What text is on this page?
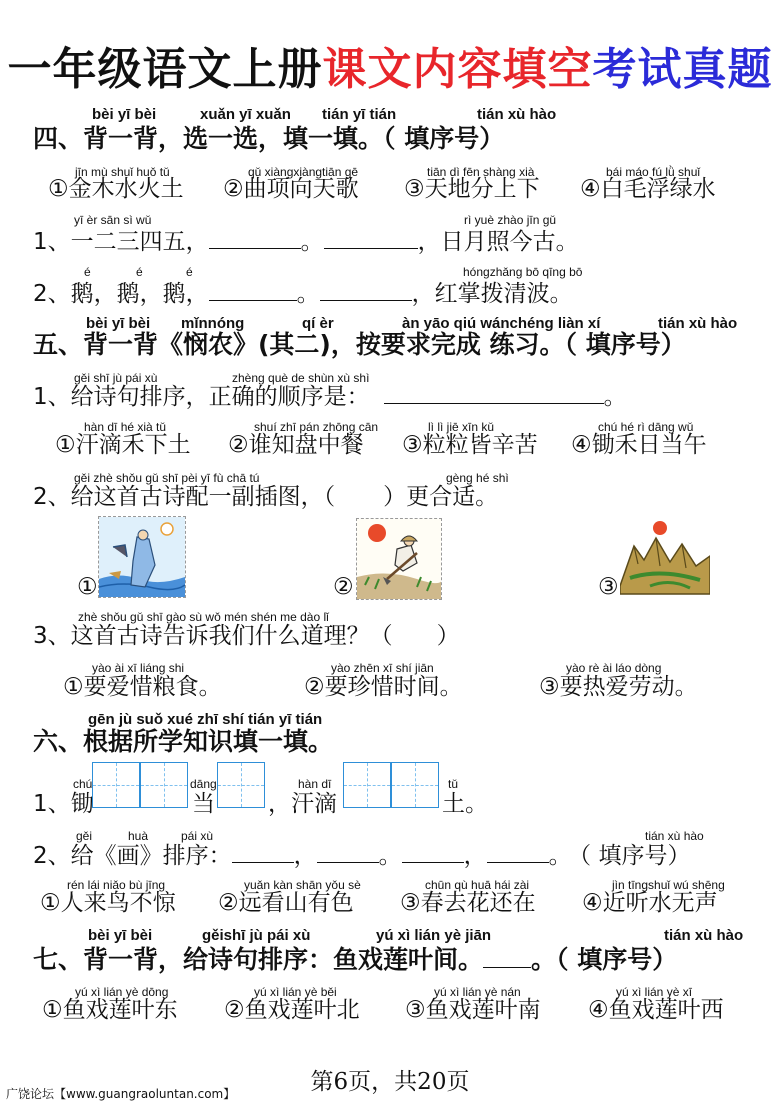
一年级语文上册课文内容填空考试真题
bèi yī bèi	xuǎn yī xuǎn tián yī tián	tián xù hào
四、背一背，选一选，填一填。（ 填序号）
jīn mù shuǐ huǒ tǔ	qǔ xiàngxiàngtiān gē	tiān dì fēn shàng xià	bái máo fú lǜ shuǐ
①金木水火土 ②曲项向天歌 ③天地分上下 ④白毛浮绿水
yī èr sān sì wǔ	rì yuè zhào jīn gǔ
1、一二三四五，	。	，日月照今古。
é	é	é	hóngzhǎng bō qīng bō
2、鹅，鹅，鹅，	。	，红掌拨清波。
bèi yī bèi mǐnnóng	qí èr	àn yāo qiú wánchéng liàn xí	tián xù hào
五、背一背《悯农》(其二)，按要求完成 练习。（ 填序号）
gěi shī jù pái xù	zhèng què de shùn xù shì
1、给诗句排序，正确的顺序是：	。
hàn dī hé xià tǔ	shuí zhī pán zhōng cān	lì lì jiē xīn kǔ	chú hé rì dāng wǔ
①汗滴禾下土 ②谁知盘中餐 ③粒粒皆辛苦 ④锄禾日当午
gěi zhè shǒu gǔ shī pèi yī fù chā tú	gèng hé shì
2、给这首古诗配一副插图，（ ）更合适。
①	②	③
zhè shǒu gǔ shī gào sù wǒ mén shén me dào lǐ
3、这首古诗告诉我们什么道理？（ ）
yào ài xī liáng shi	yào zhēn xī shí jiān	yào rè ài láo dòng
①要爱惜粮食。	②要珍惜时间。	③要热爱劳动。
gēn jù suǒ xué zhī shí tián yī tián
六、根据所学知识填一填。
chú	dāng	hàn dī	tǔ
1、锄	当 ，汗滴	土。
gěi	huà	pái xù	tián xù hào
2、给《画》排序：	，	。	，	。 （ 填序号）
rén lái niǎo bù jīng	yuǎn kàn shān yǒu sè	chūn qù huā hái zài	jìn tīngshuǐ wú shēng
①人来鸟不惊 ②远看山有色 ③春去花还在 ④近听水无声
bèi yī bèi	gěishī jù pái xù	yú xì lián yè jiān	tián xù hào
七、背一背，给诗句排序：鱼戏莲叶间。 。（ 填序号）
yú xì lián yè dōng	yú xì lián yè běi	yú xì lián yè nán	yú xì lián yè xī
①鱼戏莲叶东 ②鱼戏莲叶北 ③鱼戏莲叶南 ④鱼戏莲叶西
广饶论坛【www.guangraoluntan.com】	第6页，共20页
